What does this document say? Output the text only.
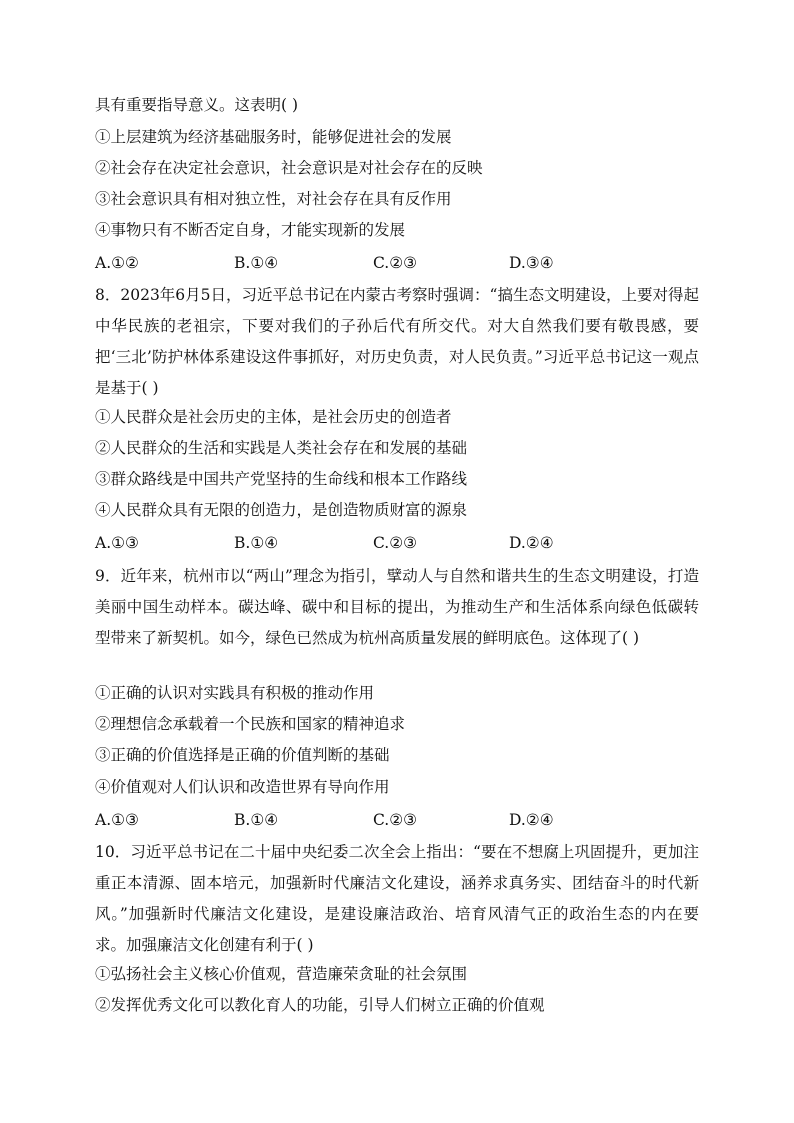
具有重要指导意义。这表明( )
①上层建筑为经济基础服务时，能够促进社会的发展
②社会存在决定社会意识，社会意识是对社会存在的反映
③社会意识具有相对独立性，对社会存在具有反作用
④事物只有不断否定自身，才能实现新的发展
A.①②	B.①④	C.②③	D.③④
8．2023年6月5日，习近平总书记在内蒙古考察时强调：“搞生态文明建设，上要对得起中华民族的老祖宗，下要对我们的子孙后代有所交代。对大自然我们要有敬畏感，要把‘三北’防护林体系建设这件事抓好，对历史负责，对人民负责。”习近平总书记这一观点是基于( )
①人民群众是社会历史的主体，是社会历史的创造者
②人民群众的生活和实践是人类社会存在和发展的基础
③群众路线是中国共产党坚持的生命线和根本工作路线
④人民群众具有无限的创造力，是创造物质财富的源泉
A.①③	B.①④	C.②③	D.②④
9．近年来，杭州市以“两山”理念为指引，擘动人与自然和谐共生的生态文明建设，打造美丽中国生动样本。碳达峰、碳中和目标的提出，为推动生产和生活体系向绿色低碳转型带来了新契机。如今，绿色已然成为杭州高质量发展的鲜明底色。这体现了( )
①正确的认识对实践具有积极的推动作用
②理想信念承载着一个民族和国家的精神追求
③正确的价值选择是正确的价值判断的基础
④价值观对人们认识和改造世界有导向作用
A.①③	B.①④	C.②③	D.②④
10．习近平总书记在二十届中央纪委二次全会上指出：“要在不想腐上巩固提升，更加注重正本清源、固本培元，加强新时代廉洁文化建设，涵养求真务实、团结奋斗的时代新风。”加强新时代廉洁文化建设，是建设廉洁政治、培育风清气正的政治生态的内在要求。加强廉洁文化创建有利于( )
①弘扬社会主义核心价值观，营造廉荣贪耻的社会氛围
②发挥优秀文化可以教化育人的功能，引导人们树立正确的价值观
